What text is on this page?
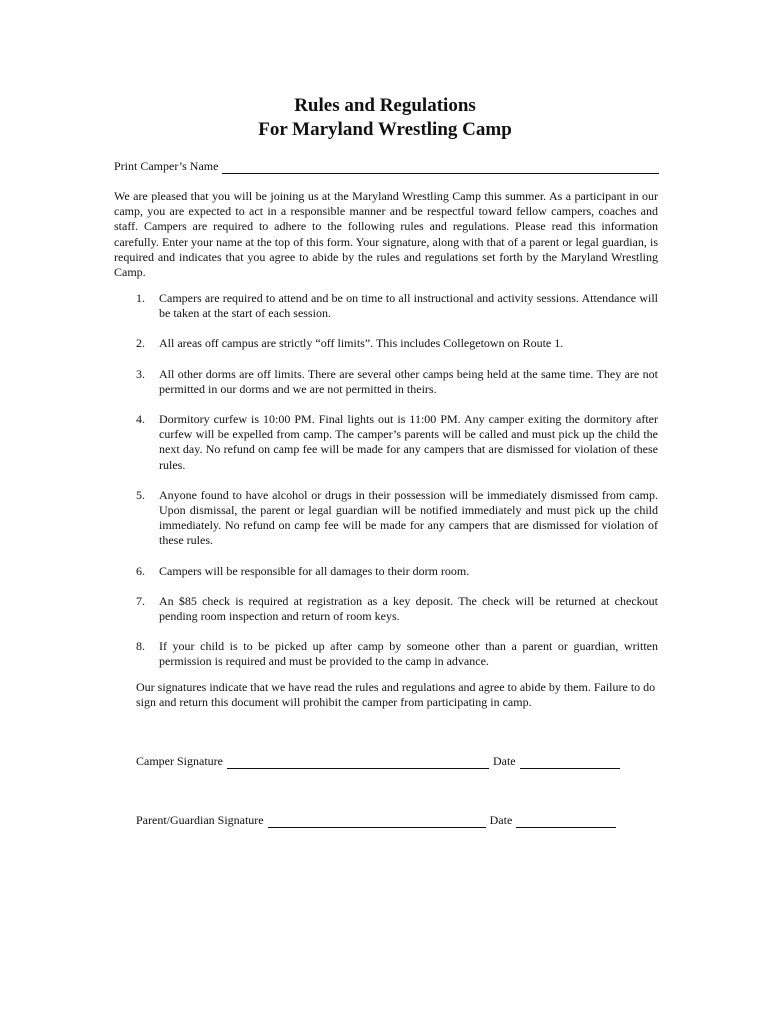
Rules and Regulations
For Maryland Wrestling Camp
Print Camper’s Name

We are pleased that you will be joining us at the Maryland Wrestling Camp this summer. As a participant in our camp, you are expected to act in a responsible manner and be respectful toward fellow campers, coaches and staff. Campers are required to adhere to the following rules and regulations. Please read this information carefully. Enter your name at the top of this form. Your signature, along with that of a parent or legal guardian, is required and indicates that you agree to abide by the rules and regulations set forth by the Maryland Wrestling Camp.

1. Campers are required to attend and be on time to all instructional and activity sessions. Attendance will be taken at the start of each session.
2. All areas off campus are strictly “off limits”. This includes Collegetown on Route 1.
3. All other dorms are off limits. There are several other camps being held at the same time. They are not permitted in our dorms and we are not permitted in theirs.
4. Dormitory curfew is 10:00 PM. Final lights out is 11:00 PM. Any camper exiting the dormitory after curfew will be expelled from camp. The camper’s parents will be called and must pick up the child the next day. No refund on camp fee will be made for any campers that are dismissed for violation of these rules.
5. Anyone found to have alcohol or drugs in their possession will be immediately dismissed from camp. Upon dismissal, the parent or legal guardian will be notified immediately and must pick up the child immediately. No refund on camp fee will be made for any campers that are dismissed for violation of these rules.
6. Campers will be responsible for all damages to their dorm room.
7. An $85 check is required at registration as a key deposit. The check will be returned at checkout pending room inspection and return of room keys.
8. If your child is to be picked up after camp by someone other than a parent or guardian, written permission is required and must be provided to the camp in advance.

Our signatures indicate that we have read the rules and regulations and agree to abide by them. Failure to do sign and return this document will prohibit the camper from participating in camp.

Camper Signature	Date
Parent/Guardian Signature	Date
